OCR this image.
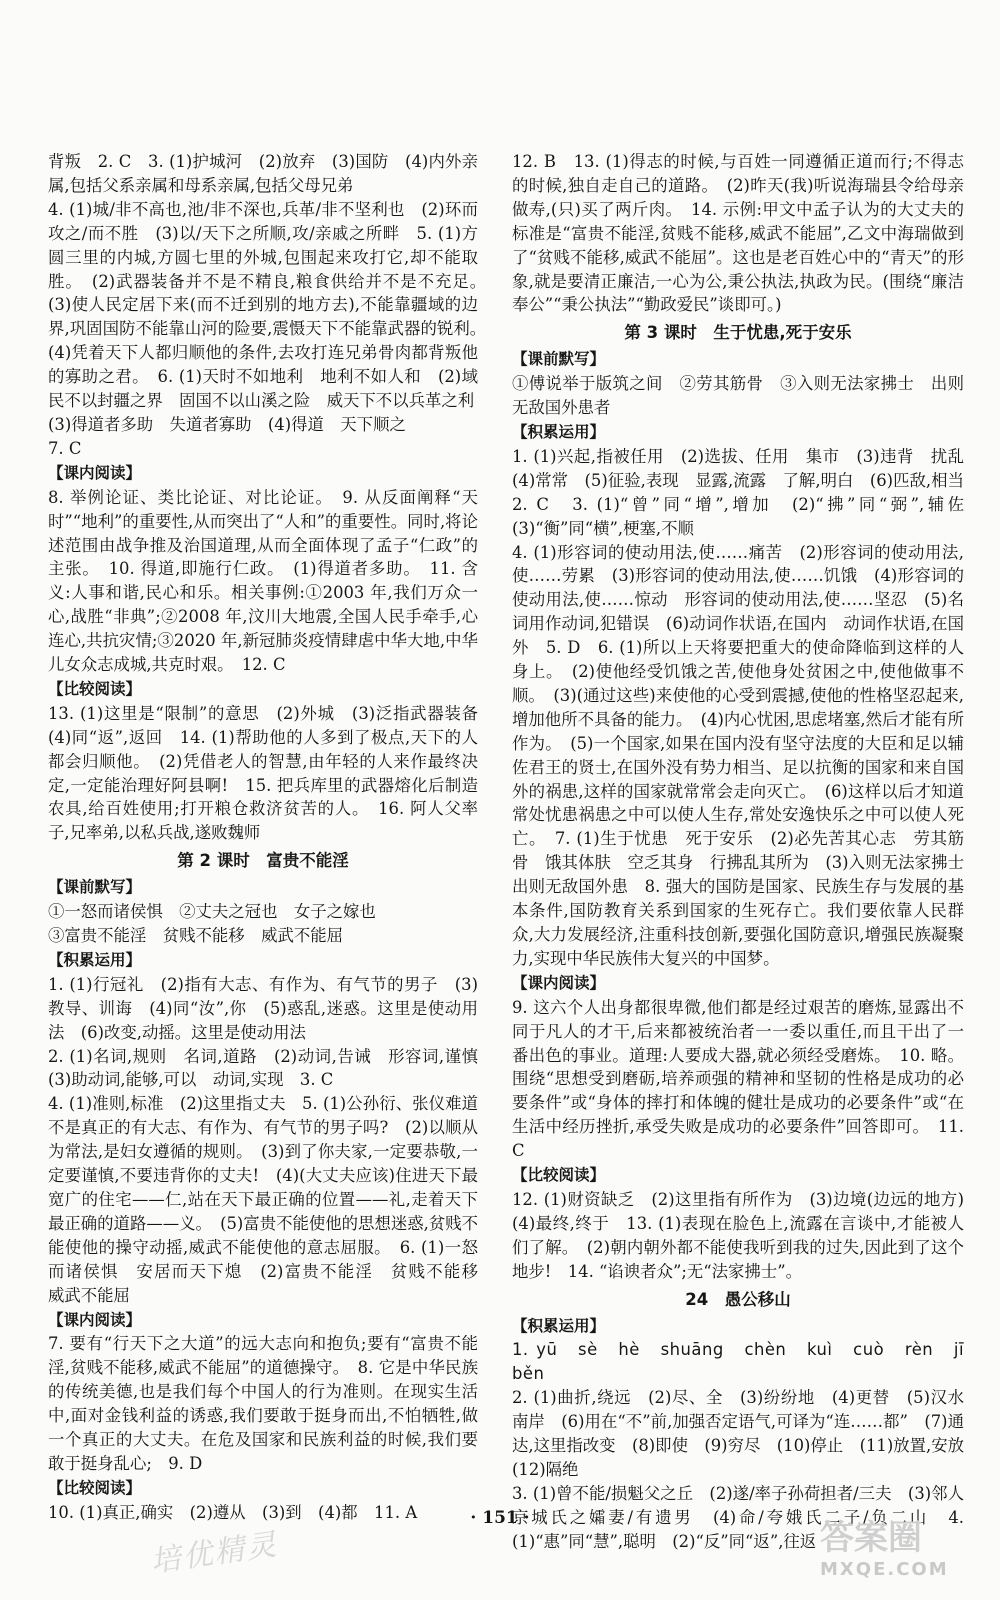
背叛　2. C　3. (1)护城河　(2)放弃　(3)国防　(4)内外亲属,包括父系亲属和母系亲属,包括父母兄弟
4. (1)城/非不高也,池/非不深也,兵革/非不坚利也　(2)环而攻之/而不胜　(3)以/天下之所顺,攻/亲戚之所畔　5. (1)方圆三里的内城,方圆七里的外城,包围起来攻打它,却不能取胜。　(2)武器装备并不是不精良,粮食供给并不是不充足。　(3)使人民定居下来(而不迁到别的地方去),不能靠疆域的边界,巩固国防不能靠山河的险要,震慑天下不能靠武器的锐利。　(4)凭着天下人都归顺他的条件,去攻打连兄弟骨肉都背叛他的寡助之君。　6. (1)天时不如地利　地利不如人和　(2)域民不以封疆之界　固国不以山溪之险　威天下不以兵革之利
(3)得道者多助　失道者寡助　(4)得道　天下顺之
7. C
【课内阅读】

8. 举例论证、类比论证、对比论证。　9. 从反面阐释“天时”“地利”的重要性,从而突出了“人和”的重要性。同时,将论述范围由战争推及治国道理,从而全面体现了孟子“仁政”的主张。　10. 得道,即施行仁政。　(1)得道者多助。　11. 含义:人事和谐,民心和乐。相关事例:①2003 年,我们万众一心,战胜“非典”;②2008 年,汶川大地震,全国人民手牵手,心连心,共抗灾情;③2020 年,新冠肺炎疫情肆虐中华大地,中华儿女众志成城,共克时艰。　12. C
【比较阅读】

13. (1)这里是“限制”的意思　(2)外城　(3)泛指武器装备　(4)同“返”,返回　14. (1)帮助他的人多到了极点,天下的人都会归顺他。　(2)凭借老人的智慧,由年轻的人来作最终决定,一定能治理好阿县啊!　15. 把兵库里的武器熔化后制造农具,给百姓使用;打开粮仓救济贫苦的人。　16. 阿人父率子,兄率弟,以私兵战,遂败魏师
第 2 课时　富贵不能淫
【课前默写】

①一怒而诸侯惧　②丈夫之冠也　女子之嫁也
③富贵不能淫　贫贱不能移　威武不能屈
【积累运用】

1. (1)行冠礼　(2)指有大志、有作为、有气节的男子　(3)教导、训诲　(4)同“汝”,你　(5)惑乱,迷惑。这里是使动用法　(6)改变,动摇。这里是使动用法
2. (1)名词,规则　名词,道路　(2)动词,告诫　形容词,谨慎　(3)助动词,能够,可以　动词,实现　3. C
4. (1)准则,标准　(2)这里指丈夫　5. (1)公孙衍、张仪难道不是真正的有大志、有作为、有气节的男子吗?　(2)以顺从为常法,是妇女遵循的规则。　(3)到了你夫家,一定要恭敬,一定要谨慎,不要违背你的丈夫!　(4)(大丈夫应该)住进天下最宽广的住宅——仁,站在天下最正确的位置——礼,走着天下最正确的道路——义。　(5)富贵不能使他的思想迷惑,贫贱不能使他的操守动摇,威武不能使他的意志屈服。　6. (1)一怒而诸侯惧　安居而天下熄　(2)富贵不能淫　贫贱不能移　威武不能屈
【课内阅读】

7. 要有“行天下之大道”的远大志向和抱负;要有“富贵不能淫,贫贱不能移,威武不能屈”的道德操守。　8. 它是中华民族的传统美德,也是我们每个中国人的行为准则。在现实生活中,面对金钱利益的诱惑,我们要敢于挺身而出,不怕牺牲,做一个真正的大丈夫。在危及国家和民族利益的时候,我们要敢于挺身乱心;　9. D
【比较阅读】

10. (1)真正,确实　(2)遵从　(3)到　(4)都　11. A
12. B　13. (1)得志的时候,与百姓一同遵循正道而行;不得志的时候,独自走自己的道路。　(2)昨天(我)听说海瑞县令给母亲做寿,(只)买了两斤肉。　14. 示例:甲文中孟子认为的大丈夫的标准是“富贵不能淫,贫贱不能移,威武不能屈”,乙文中海瑞做到了“贫贱不能移,威武不能屈”。这也是老百姓心中的“青天”的形象,就是要清正廉洁,一心为公,秉公执法,执政为民。(围绕“廉洁奉公”“秉公执法”“勤政爱民”谈即可。)
第 3 课时　生于忧患,死于安乐
【课前默写】

①傅说举于版筑之间　②劳其筋骨　③入则无法家拂士　出则无敌国外患者
【积累运用】

1. (1)兴起,指被任用　(2)选拔、任用　集市　(3)违背　扰乱　(4)常常　(5)征验,表现　显露,流露　了解,明白　(6)匹敌,相当　2. C　3. (1)“曾”同“增”,增加　(2)“拂”同“弼”,辅佐　(3)“衡”同“横”,梗塞,不顺
4. (1)形容词的使动用法,使……痛苦　(2)形容词的使动用法,使……劳累　(3)形容词的使动用法,使……饥饿　(4)形容词的使动用法,使……惊动　形容词的使动用法,使……坚忍　(5)名词用作动词,犯错误　(6)动词作状语,在国内　动词作状语,在国外　5. D　6. (1)所以上天将要把重大的使命降临到这样的人身上。　(2)使他经受饥饿之苦,使他身处贫困之中,使他做事不顺。　(3)(通过这些)来使他的心受到震撼,使他的性格坚忍起来,增加他所不具备的能力。　(4)内心忧困,思虑堵塞,然后才能有所作为。　(5)一个国家,如果在国内没有坚守法度的大臣和足以辅佐君王的贤士,在国外没有势力相当、足以抗衡的国家和来自国外的祸患,这样的国家就常常会走向灭亡。　(6)这样以后才知道常处忧患祸患之中可以使人生存,常处安逸快乐之中可以使人死亡。　7. (1)生于忧患　死于安乐　(2)必先苦其心志　劳其筋骨　饿其体肤　空乏其身　行拂乱其所为　(3)入则无法家拂士　出则无敌国外患　8. 强大的国防是国家、民族生存与发展的基本条件,国防教育关系到国家的生死存亡。我们要依靠人民群众,大力发展经济,注重科技创新,要强化国防意识,增强民族凝聚力,实现中华民族伟大复兴的中国梦。
【课内阅读】

9. 这六个人出身都很卑微,他们都是经过艰苦的磨炼,显露出不同于凡人的才干,后来都被统治者一一委以重任,而且干出了一番出色的事业。道理:人要成大器,就必须经受磨炼。　10. 略。围绕“思想受到磨砺,培养顽强的精神和坚韧的性格是成功的必要条件”或“身体的摔打和体魄的健壮是成功的必要条件”或“在生活中经历挫折,承受失败是成功的必要条件”回答即可。　11. C
【比较阅读】

12. (1)财资缺乏　(2)这里指有所作为　(3)边境(边远的地方)　(4)最终,终于　13. (1)表现在脸色上,流露在言谈中,才能被人们了解。　(2)朝内朝外都不能使我听到我的过失,因此到了这个地步!　14. “谄谀者众”;无“法家拂士”。
24　愚公移山
【积累运用】

1. yū　sè　hè　shuāng　chèn　kuì　cuò　rèn　jī běn
2. (1)曲折,绕远　(2)尽、全　(3)纷纷地　(4)更替　(5)汉水南岸　(6)用在“不”前,加强否定语气,可译为“连……都”　(7)通达,这里指改变　(8)即使　(9)穷尽　(10)停止　(11)放置,安放　(12)隔绝
3. (1)曾不能/损魁父之丘　(2)遂/率子孙荷担者/三夫　(3)邻人京城氏之孀妻/有遗男　(4)命/夸娥氏二子/负二山　4. (1)“惠”同“慧”,聪明　(2)“反”同“返”,往返
· 151 ·
培优精灵	答案圈
MXQE.COM
